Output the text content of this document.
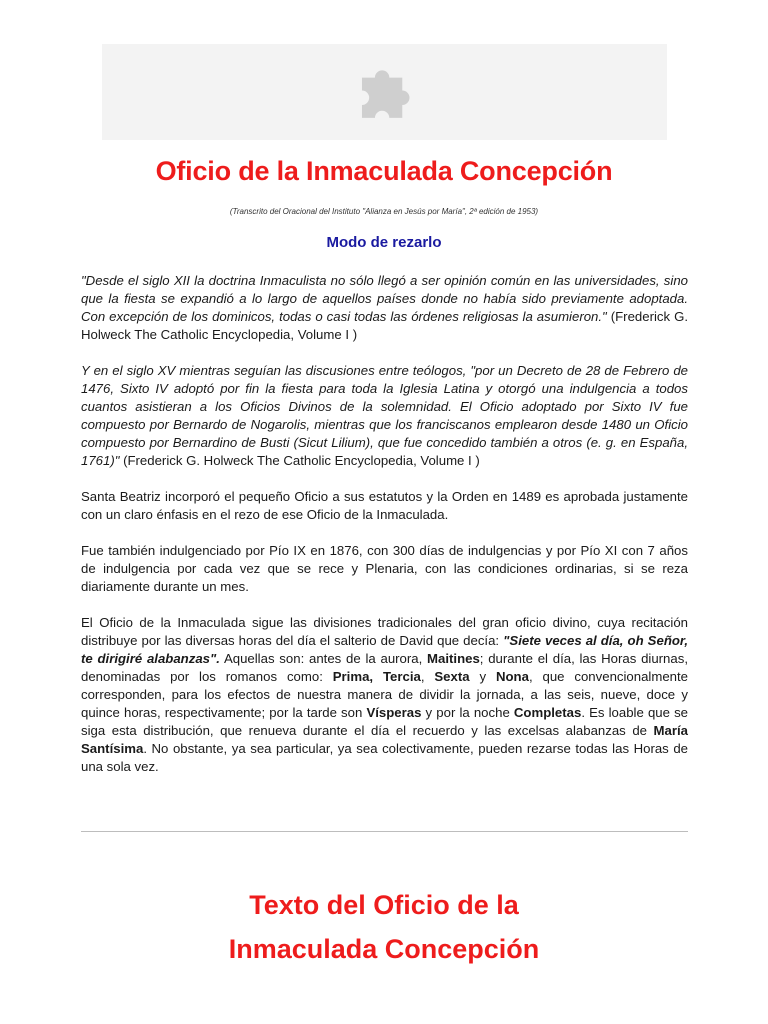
Oficio de la Inmaculada Concepción
(Transcrito del Oracional del Instituto "Alianza en Jesús por María", 2ª edición de 1953)
Modo de rezarlo

"Desde el siglo XII la doctrina Inmaculista no sólo llegó a ser opinión común en las universidades, sino que la fiesta se expandió a lo largo de aquellos países donde no había sido previamente adoptada. Con excepción de los dominicos, todas o casi todas las órdenes religiosas la asumieron." (Frederick G. Holweck The Catholic Encyclopedia, Volume I )

Y en el siglo XV mientras seguían las discusiones entre teólogos, "por un Decreto de 28 de Febrero de 1476, Sixto IV adoptó por fin la fiesta para toda la Iglesia Latina y otorgó una indulgencia a todos cuantos asistieran a los Oficios Divinos de la solemnidad. El Oficio adoptado por Sixto IV fue compuesto por Bernardo de Nogarolis, mientras que los franciscanos emplearon desde 1480 un Oficio compuesto por Bernardino de Busti (Sicut Lilium), que fue concedido también a otros (e. g. en España, 1761)" (Frederick G. Holweck The Catholic Encyclopedia, Volume I )

Santa Beatriz incorporó el pequeño Oficio a sus estatutos y la Orden en 1489 es aprobada justamente con un claro énfasis en el rezo de ese Oficio de la Inmaculada.

Fue también indulgenciado por Pío IX en 1876, con 300 días de indulgencias y por Pío XI con 7 años de indulgencia por cada vez que se rece y Plenaria, con las condiciones ordinarias, si se reza diariamente durante un mes.

El Oficio de la Inmaculada sigue las divisiones tradicionales del gran oficio divino, cuya recitación distribuye por las diversas horas del día el salterio de David que decía: "Siete veces al día, oh Señor, te dirigiré alabanzas". Aquellas son: antes de la aurora, Maitines; durante el día, las Horas diurnas, denominadas por los romanos como: Prima, Tercia, Sexta y Nona, que convencionalmente corresponden, para los efectos de nuestra manera de dividir la jornada, a las seis, nueve, doce y quince horas, respectivamente; por la tarde son Vísperas y por la noche Completas. Es loable que se siga esta distribución, que renueva durante el día el recuerdo y las excelsas alabanzas de María Santísima. No obstante, ya sea particular, ya sea colectivamente, pueden rezarse todas las Horas de una sola vez.

Texto del Oficio de la
Inmaculada Concepción
